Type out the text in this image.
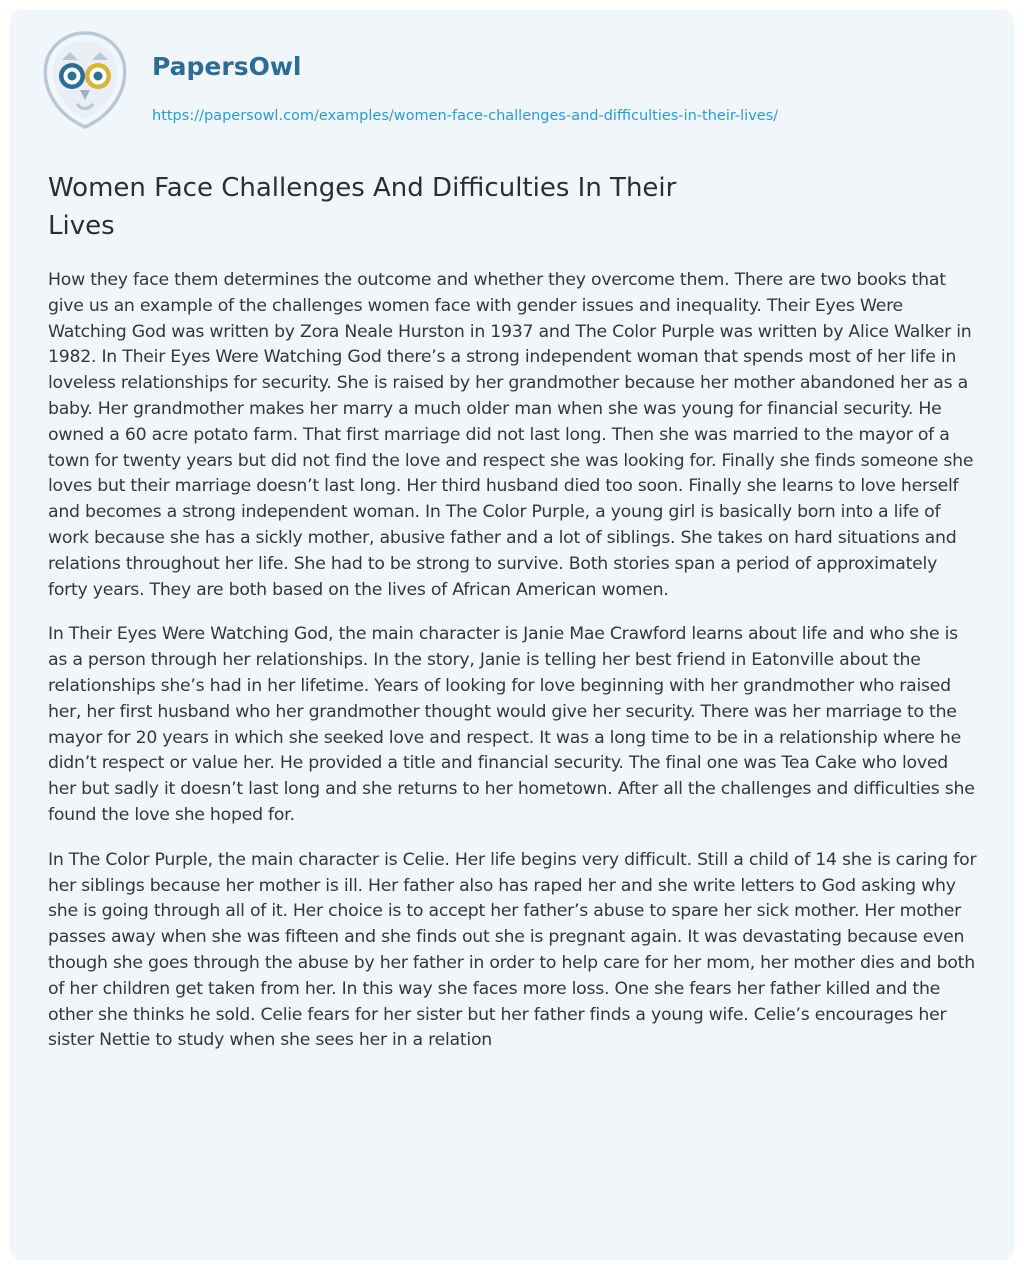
PapersOwl
https://papersowl.com/examples/women-face-challenges-and-difficulties-in-their-lives/
Women Face Challenges And Difficulties In Their Lives

How they face them determines the outcome and whether they overcome them. There are two books that give us an example of the challenges women face with gender issues and inequality. Their Eyes Were Watching God was written by Zora Neale Hurston in 1937 and The Color Purple was written by Alice Walker in 1982. In Their Eyes Were Watching God there’s a strong independent woman that spends most of her life in loveless relationships for security. She is raised by her grandmother because her mother abandoned her as a baby. Her grandmother makes her marry a much older man when she was young for financial security. He owned a 60 acre potato farm. That first marriage did not last long. Then she was married to the mayor of a town for twenty years but did not find the love and respect she was looking for. Finally she finds someone she loves but their marriage doesn’t last long. Her third husband died too soon. Finally she learns to love herself and becomes a strong independent woman. In The Color Purple, a young girl is basically born into a life of work because she has a sickly mother, abusive father and a lot of siblings. She takes on hard situations and relations throughout her life. She had to be strong to survive. Both stories span a period of approximately forty years. They are both based on the lives of African American women.

In Their Eyes Were Watching God, the main character is Janie Mae Crawford learns about life and who she is as a person through her relationships. In the story, Janie is telling her best friend in Eatonville about the relationships she’s had in her lifetime. Years of looking for love beginning with her grandmother who raised her, her first husband who her grandmother thought would give her security. There was her marriage to the mayor for 20 years in which she seeked love and respect. It was a long time to be in a relationship where he didn’t respect or value her. He provided a title and financial security. The final one was Tea Cake who loved her but sadly it doesn’t last long and she returns to her hometown. After all the challenges and difficulties she found the love she hoped for.

In The Color Purple, the main character is Celie. Her life begins very difficult. Still a child of 14 she is caring for her siblings because her mother is ill. Her father also has raped her and she write letters to God asking why she is going through all of it. Her choice is to accept her father’s abuse to spare her sick mother. Her mother passes away when she was fifteen and she finds out she is pregnant again. It was devastating because even though she goes through the abuse by her father in order to help care for her mom, her mother dies and both of her children get taken from her. In this way she faces more loss. One she fears her father killed and the other she thinks he sold. Celie fears for her sister but her father finds a young wife. Celie’s encourages her sister Nettie to study when she sees her in a relation
